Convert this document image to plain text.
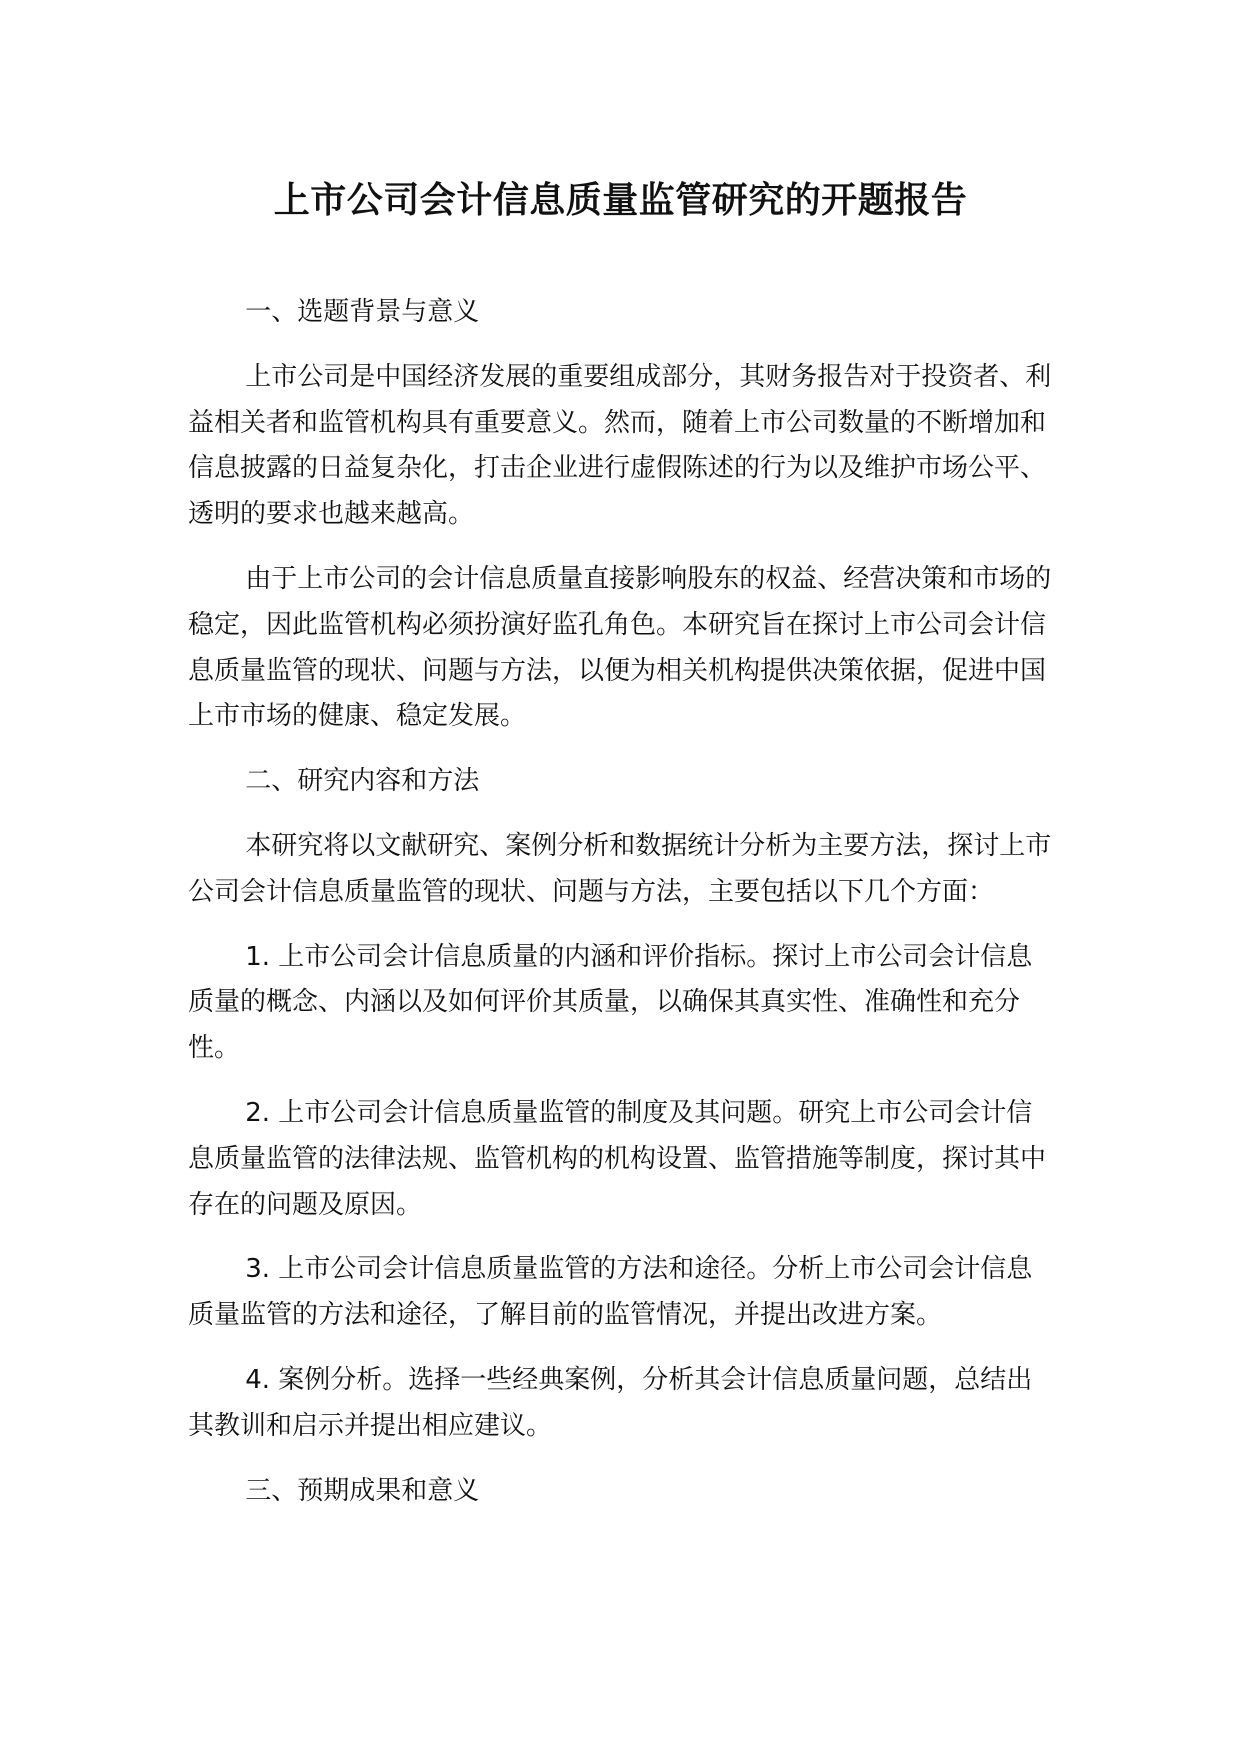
上市公司会计信息质量监管研究的开题报告

一、选题背景与意义

上市公司是中国经济发展的重要组成部分，其财务报告对于投资者、利益相关者和监管机构具有重要意义。然而，随着上市公司数量的不断增加和信息披露的日益复杂化，打击企业进行虚假陈述的行为以及维护市场公平、透明的要求也越来越高。

由于上市公司的会计信息质量直接影响股东的权益、经营决策和市场的稳定，因此监管机构必须扮演好监孔角色。本研究旨在探讨上市公司会计信息质量监管的现状、问题与方法，以便为相关机构提供决策依据，促进中国上市市场的健康、稳定发展。

二、研究内容和方法

本研究将以文献研究、案例分析和数据统计分析为主要方法，探讨上市公司会计信息质量监管的现状、问题与方法，主要包括以下几个方面：

1. 上市公司会计信息质量的内涵和评价指标。探讨上市公司会计信息质量的概念、内涵以及如何评价其质量，以确保其真实性、准确性和充分性。

2. 上市公司会计信息质量监管的制度及其问题。研究上市公司会计信息质量监管的法律法规、监管机构的机构设置、监管措施等制度，探讨其中存在的问题及原因。

3. 上市公司会计信息质量监管的方法和途径。分析上市公司会计信息质量监管的方法和途径，了解目前的监管情况，并提出改进方案。

4. 案例分析。选择一些经典案例，分析其会计信息质量问题，总结出其教训和启示并提出相应建议。

三、预期成果和意义
